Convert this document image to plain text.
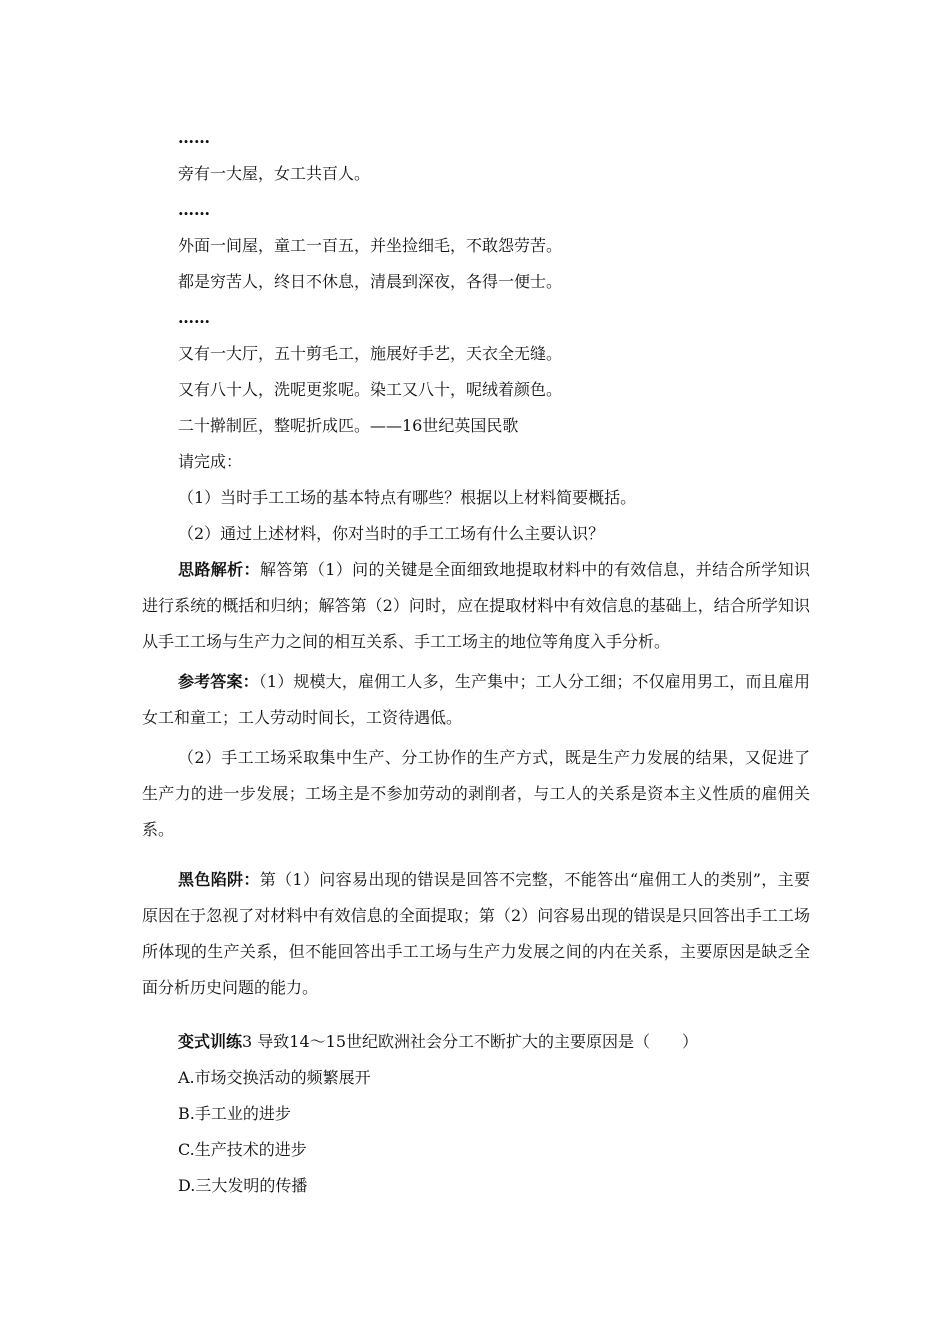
……
旁有一大屋，女工共百人。
……
外面一间屋，童工一百五，并坐捡细毛，不敢怨劳苦。
都是穷苦人，终日不休息，清晨到深夜，各得一便士。
……
又有一大厅，五十剪毛工，施展好手艺，天衣全无缝。
又有八十人，洗呢更浆呢。染工又八十，呢绒着颜色。
二十擀制匠，整呢折成匹。——16世纪英国民歌
请完成：
（1）当时手工工场的基本特点有哪些？根据以上材料简要概括。
（2）通过上述材料，你对当时的手工工场有什么主要认识？
思路解析：解答第（1）问的关键是全面细致地提取材料中的有效信息，并结合所学知识进行系统的概括和归纳；解答第（2）问时，应在提取材料中有效信息的基础上，结合所学知识从手工工场与生产力之间的相互关系、手工工场主的地位等角度入手分析。
参考答案：（1）规模大，雇佣工人多，生产集中；工人分工细；不仅雇用男工，而且雇用女工和童工；工人劳动时间长，工资待遇低。
（2）手工工场采取集中生产、分工协作的生产方式，既是生产力发展的结果，又促进了生产力的进一步发展；工场主是不参加劳动的剥削者，与工人的关系是资本主义性质的雇佣关系。
黑色陷阱：第（1）问容易出现的错误是回答不完整，不能答出“雇佣工人的类别”，主要原因在于忽视了对材料中有效信息的全面提取；第（2）问容易出现的错误是只回答出手工工场所体现的生产关系，但不能回答出手工工场与生产力发展之间的内在关系，主要原因是缺乏全面分析历史问题的能力。
变式训练3 导致14～15世纪欧洲社会分工不断扩大的主要原因是（　　）
A.市场交换活动的频繁展开
B.手工业的进步
C.生产技术的进步
D.三大发明的传播
